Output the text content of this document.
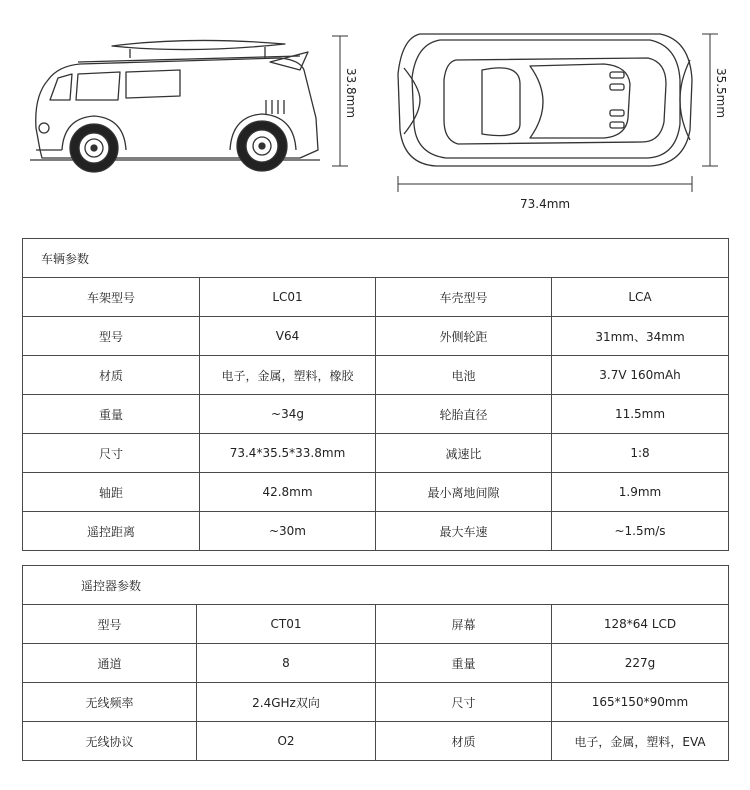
33.8mm	35.5mm
73.4mm
车辆参数			
车架型号	LC01	车壳型号	LCA
型号	V64	外侧轮距	31mm、34mm
材质	电子，金属，塑料，橡胶	电池	3.7V 160mAh
重量	~34g	轮胎直径	11.5mm
尺寸	73.4*35.5*33.8mm	减速比	1:8
轴距	42.8mm	最小离地间隙	1.9mm
遥控距离	~30m	最大车速	~1.5m/s
遥控器参数			
型号	CT01	屏幕	128*64 LCD
通道	8	重量	227g
无线频率	2.4GHz双向	尺寸	165*150*90mm
无线协议	O2	材质	电子，金属，塑料，EVA
